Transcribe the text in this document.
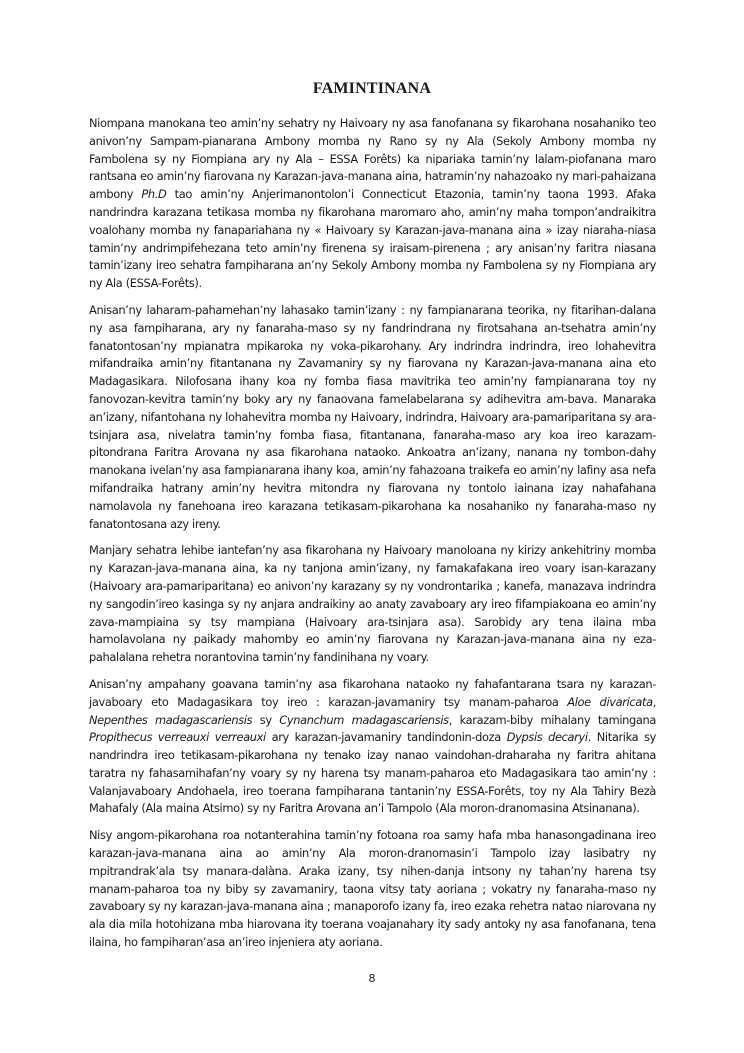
FAMINTINANA

Niompana manokana teo amin’ny sehatry ny Haivoary ny asa fanofanana sy fikarohana nosahaniko teo anivon’ny Sampam-pianarana Ambony momba ny Rano sy ny Ala (Sekoly Ambony momba ny Fambolena sy ny Fiompiana ary ny Ala – ESSA Forêts) ka nipariaka tamin’ny lalam-piofanana maro rantsana eo amin’ny fiarovana ny Karazan-java-manana aina, hatramin’ny nahazoako ny mari-pahaizana ambony Ph.D tao amin’ny Anjerimanontolon’i Connecticut Etazonia, tamin’ny taona 1993. Afaka nandrindra karazana tetikasa momba ny fikarohana maromaro aho, amin’ny maha tompon’andraikitra voalohany momba ny fanapariahana ny « Haivoary sy Karazan-java-manana aina » izay niaraha-niasa tamin’ny andrimpifehezana teto amin’ny firenena sy iraisam-pirenena ; ary anisan’ny faritra niasana tamin’izany ireo sehatra fampiharana an’ny Sekoly Ambony momba ny Fambolena sy ny Fiompiana ary ny Ala (ESSA-Forêts).

Anisan’ny laharam-pahamehan’ny lahasako tamin’izany : ny fampianarana teorika, ny fitarihan-dalana ny asa fampiharana, ary ny fanaraha-maso sy ny fandrindrana ny firotsahana an-tsehatra amin’ny fanatontosan’ny mpianatra mpikaroka ny voka-pikarohany. Ary indrindra indrindra, ireo lohahevitra mifandraika amin’ny fitantanana ny Zavamaniry sy ny fiarovana ny Karazan-java-manana aina eto Madagasikara. Nilofosana ihany koa ny fomba fiasa mavitrika teo amin’ny fampianarana toy ny fanovozan-kevitra tamin’ny boky ary ny fanaovana famelabelarana sy adihevitra am-bava. Manaraka an’izany, nifantohana ny lohahevitra momba ny Haivoary, indrindra, Haivoary ara-pamariparitana sy ara-tsinjara asa, nivelatra tamin’ny fomba fiasa, fitantanana, fanaraha-maso ary koa ireo karazam-pitondrana Faritra Arovana ny asa fikarohana nataoko. Ankoatra an’izany, nanana ny tombon-dahy manokana ivelan’ny asa fampianarana ihany koa, amin’ny fahazoana traikefa eo amin’ny lafiny asa nefa mifandraika hatrany amin’ny hevitra mitondra ny fiarovana ny tontolo iainana izay nahafahana namolavola ny fanehoana ireo karazana tetikasam-pikarohana ka nosahaniko ny fanaraha-maso ny fanatontosana azy ireny.

Manjary sehatra lehibe iantefan’ny asa fikarohana ny Haivoary manoloana ny kirizy ankehitriny momba ny Karazan-java-manana aina, ka ny tanjona amin’izany, ny famakafakana ireo voary isan-karazany (Haivoary ara-pamariparitana) eo anivon’ny karazany sy ny vondrontarika ; kanefa, manazava indrindra ny sangodin’ireo kasinga sy ny anjara andraikiny ao anaty zavaboary ary ireo fifampiakoana eo amin’ny zava-mampiaina sy tsy mampiana (Haivoary ara-tsinjara asa). Sarobidy ary tena ilaina mba hamolavolana ny paikady mahomby eo amin’ny fiarovana ny Karazan-java-manana aina ny eza-pahalalana rehetra norantovina tamin’ny fandinihana ny voary.

Anisan’ny ampahany goavana tamin’ny asa fikarohana nataoko ny fahafantarana tsara ny karazan-javaboary eto Madagasikara toy ireo : karazan-javamaniry tsy manam-paharoa Aloe divaricata, Nepenthes madagascariensis sy Cynanchum madagascariensis, karazam-biby mihalany tamingana Propithecus verreauxi verreauxi ary karazan-javamaniry tandindonin-doza Dypsis decaryi. Nitarika sy nandrindra ireo tetikasam-pikarohana ny tenako izay nanao vaindohan-draharaha ny faritra ahitana taratra ny fahasamihafan’ny voary sy ny harena tsy manam-paharoa eto Madagasikara tao amin’ny : Valanjavaboary Andohaela, ireo toerana fampiharana tantanin’ny ESSA-Forêts, toy ny Ala Tahiry Bezà Mahafaly (Ala maina Atsimo) sy ny Faritra Arovana an’i Tampolo (Ala moron-dranomasina Atsinanana).

Nisy angom-pikarohana roa notanterahina tamin’ny fotoana roa samy hafa mba hanasongadinana ireo karazan-java-manana aina ao amin’ny Ala moron-dranomasin’i Tampolo izay lasibatry ny mpitrandrak’ala tsy manara-dalàna. Araka izany, tsy nihen-danja intsony ny tahan’ny harena tsy manam-paharoa toa ny biby sy zavamaniry, taona vitsy taty aoriana ; vokatry ny fanaraha-maso ny zavaboary sy ny karazan-java-manana aina ; manaporofo izany fa, ireo ezaka rehetra natao niarovana ny ala dia mila hotohizana mba hiarovana ity toerana voajanahary ity sady antoky ny asa fanofanana, tena ilaina, ho fampiharan’asa an’ireo injeniera aty aoriana.

8
